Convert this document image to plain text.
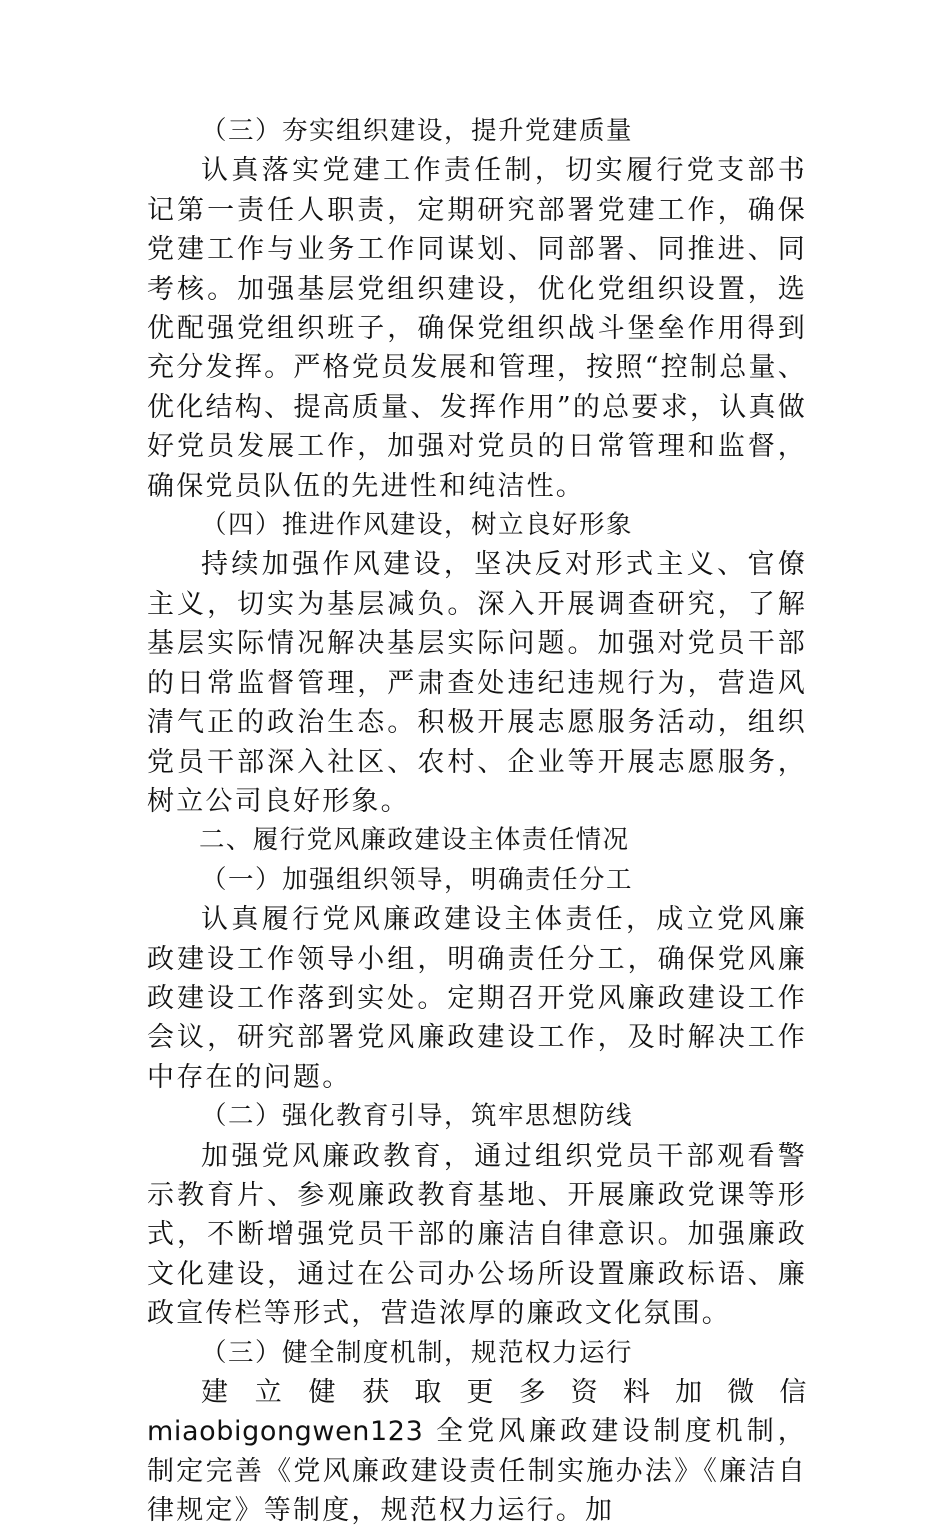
（三）夯实组织建设，提升党建质量

认真落实党建工作责任制，切实履行党支部书记第一责任人职责，定期研究部署党建工作，确保党建工作与业务工作同谋划、同部署、同推进、同考核。加强基层党组织建设，优化党组织设置，选优配强党组织班子，确保党组织战斗堡垒作用得到充分发挥。严格党员发展和管理，按照“控制总量、优化结构、提高质量、发挥作用”的总要求，认真做好党员发展工作，加强对党员的日常管理和监督，确保党员队伍的先进性和纯洁性。

（四）推进作风建设，树立良好形象

持续加强作风建设，坚决反对形式主义、官僚主义，切实为基层减负。深入开展调查研究，了解基层实际情况解决基层实际问题。加强对党员干部的日常监督管理，严肃查处违纪违规行为，营造风清气正的政治生态。积极开展志愿服务活动，组织党员干部深入社区、农村、企业等开展志愿服务，树立公司良好形象。

二、履行党风廉政建设主体责任情况

（一）加强组织领导，明确责任分工

认真履行党风廉政建设主体责任，成立党风廉政建设工作领导小组，明确责任分工，确保党风廉政建设工作落到实处。定期召开党风廉政建设工作会议，研究部署党风廉政建设工作，及时解决工作中存在的问题。

（二）强化教育引导，筑牢思想防线

加强党风廉政教育，通过组织党员干部观看警示教育片、参观廉政教育基地、开展廉政党课等形式，不断增强党员干部的廉洁自律意识。加强廉政文化建设，通过在公司办公场所设置廉政标语、廉政宣传栏等形式，营造浓厚的廉政文化氛围。

（三）健全制度机制，规范权力运行

建立健获取更多资料加微信 miaobigongwen123 全党风廉政建设制度机制，制定完善《党风廉政建设责任制实施办法》《廉洁自律规定》等制度，规范权力运行。加
